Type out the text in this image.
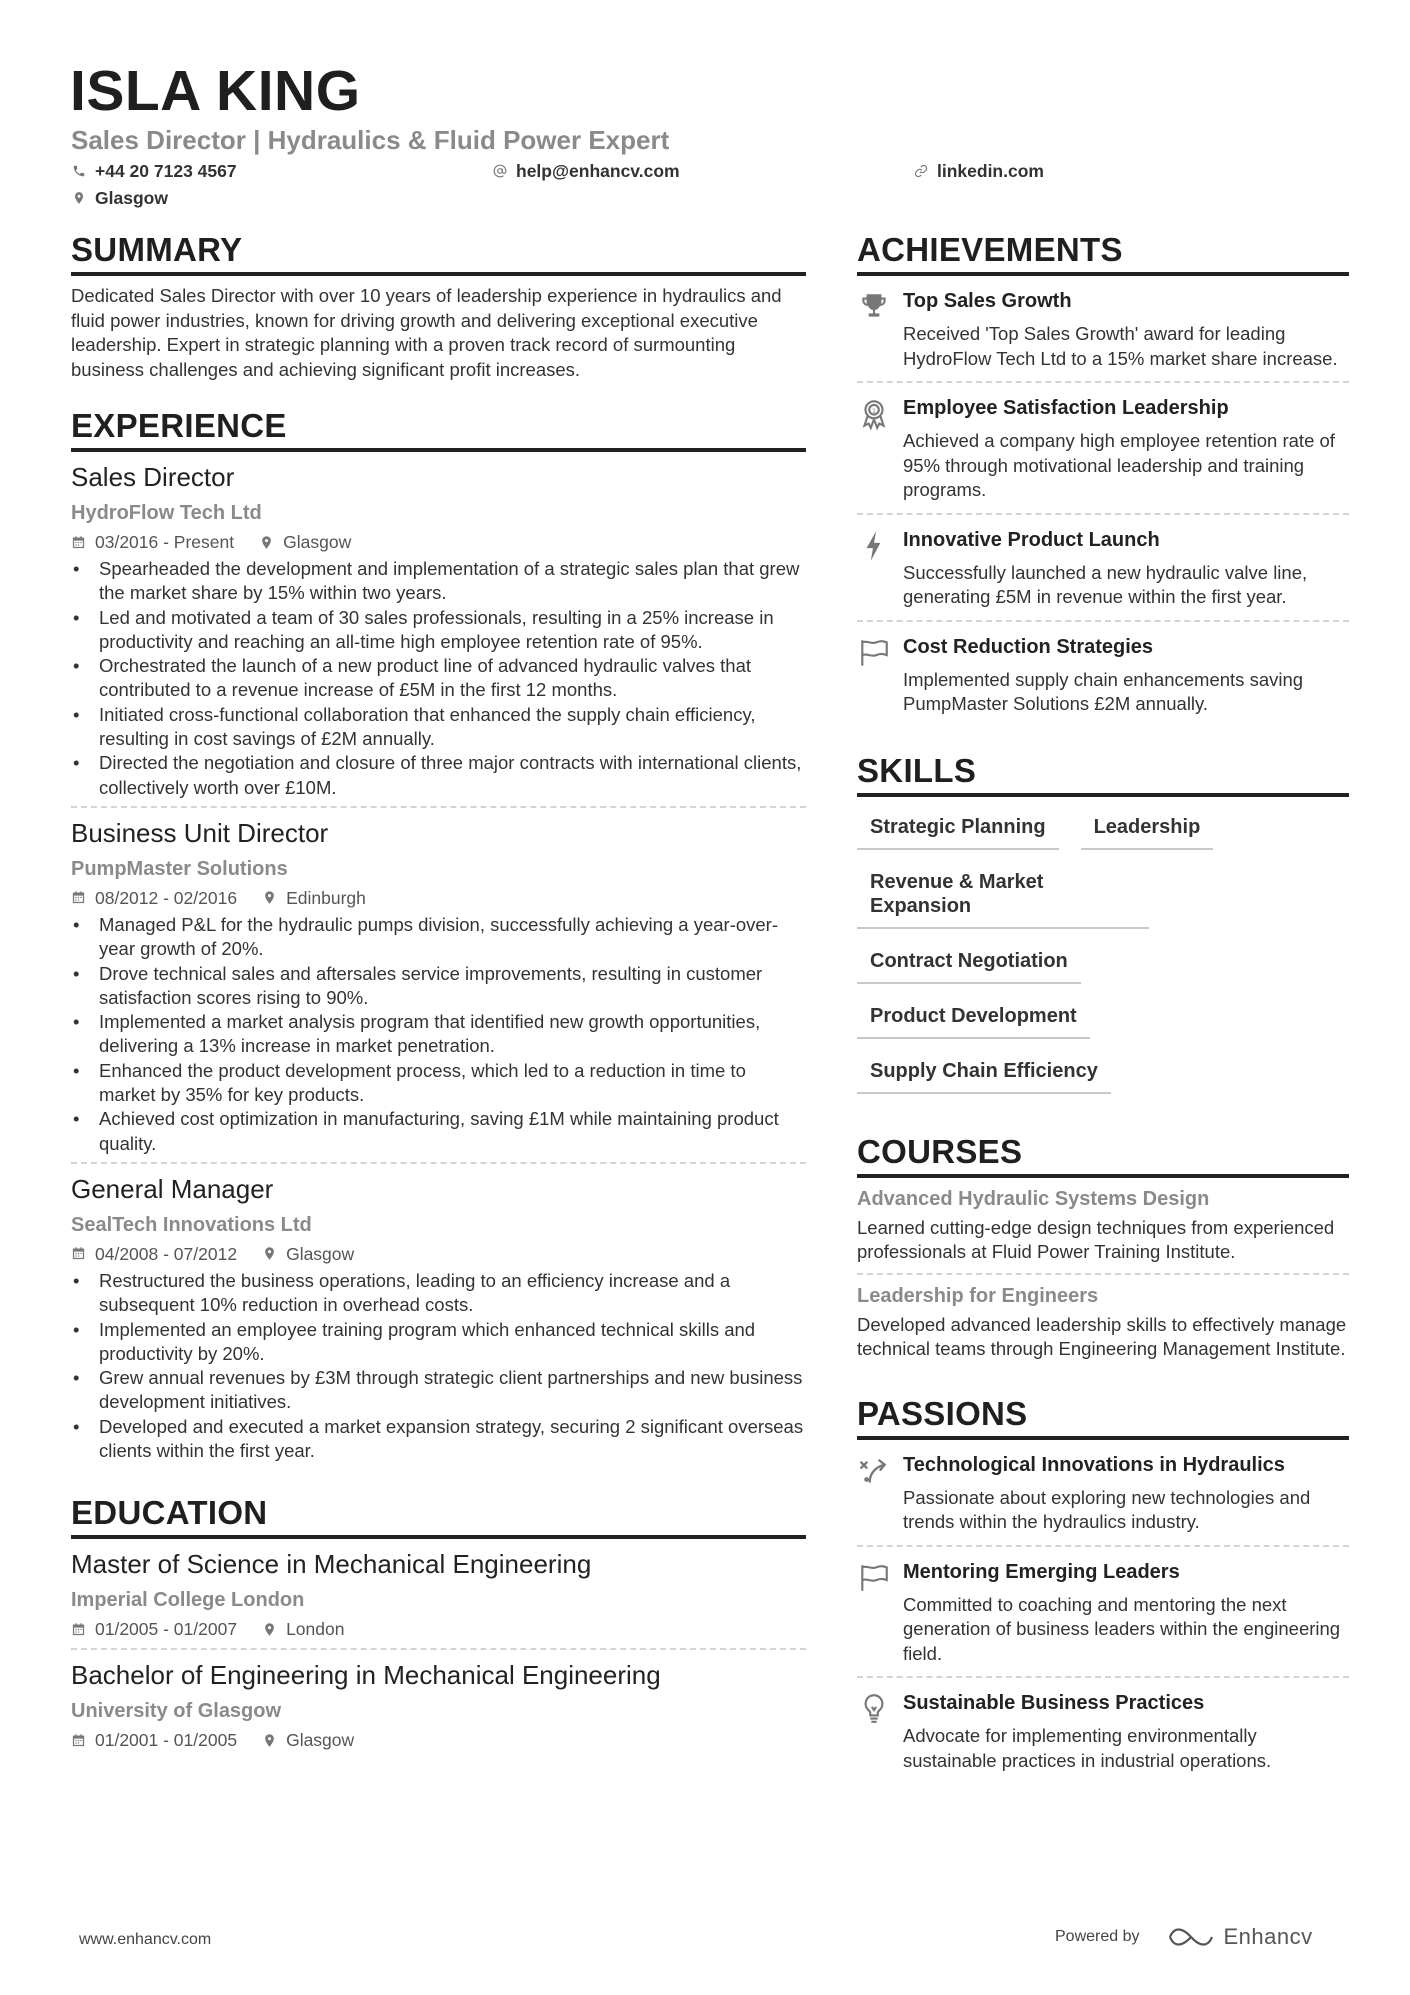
ISLA KING
Sales Director | Hydraulics & Fluid Power Expert
+44 20 7123 4567	help@enhancv.com	linkedin.com
Glasgow
SUMMARY

Dedicated Sales Director with over 10 years of leadership experience in hydraulics and fluid power industries, known for driving growth and delivering exceptional executive leadership. Expert in strategic planning with a proven track record of surmounting business challenges and achieving significant profit increases.

EXPERIENCE
Sales Director
HydroFlow Tech Ltd
03/2016 - Present	Glasgow
• Spearheaded the development and implementation of a strategic sales plan that grew the market share by 15% within two years.
• Led and motivated a team of 30 sales professionals, resulting in a 25% increase in productivity and reaching an all-time high employee retention rate of 95%.
• Orchestrated the launch of a new product line of advanced hydraulic valves that contributed to a revenue increase of £5M in the first 12 months.
• Initiated cross-functional collaboration that enhanced the supply chain efficiency, resulting in cost savings of £2M annually.
• Directed the negotiation and closure of three major contracts with international clients, collectively worth over £10M.
Business Unit Director
PumpMaster Solutions
08/2012 - 02/2016	Edinburgh
• Managed P&L for the hydraulic pumps division, successfully achieving a year-over-year growth of 20%.
• Drove technical sales and aftersales service improvements, resulting in customer satisfaction scores rising to 90%.
• Implemented a market analysis program that identified new growth opportunities, delivering a 13% increase in market penetration.
• Enhanced the product development process, which led to a reduction in time to market by 35% for key products.
• Achieved cost optimization in manufacturing, saving £1M while maintaining product quality.
General Manager
SealTech Innovations Ltd
04/2008 - 07/2012	Glasgow
• Restructured the business operations, leading to an efficiency increase and a subsequent 10% reduction in overhead costs.
• Implemented an employee training program which enhanced technical skills and productivity by 20%.
• Grew annual revenues by £3M through strategic client partnerships and new business development initiatives.
• Developed and executed a market expansion strategy, securing 2 significant overseas clients within the first year.
EDUCATION
Master of Science in Mechanical Engineering
Imperial College London
01/2005 - 01/2007	London
Bachelor of Engineering in Mechanical Engineering
University of Glasgow
01/2001 - 01/2005	Glasgow
ACHIEVEMENTS
Top Sales Growth
Received 'Top Sales Growth' award for leading HydroFlow Tech Ltd to a 15% market share increase.
1 Employee Satisfaction Leadership
Achieved a company high employee retention rate of 95% through motivational leadership and training programs.
Innovative Product Launch
Successfully launched a new hydraulic valve line, generating £5M in revenue within the first year.
Cost Reduction Strategies
Implemented supply chain enhancements saving PumpMaster Solutions £2M annually.
SKILLS
Strategic Planning	Leadership
Revenue & Market Expansion
Contract Negotiation
Product Development
Supply Chain Efficiency
COURSES
Advanced Hydraulic Systems Design
Learned cutting-edge design techniques from experienced professionals at Fluid Power Training Institute.
Leadership for Engineers
Developed advanced leadership skills to effectively manage technical teams through Engineering Management Institute.
PASSIONS
Technological Innovations in Hydraulics
Passionate about exploring new technologies and trends within the hydraulics industry.
Mentoring Emerging Leaders
Committed to coaching and mentoring the next generation of business leaders within the engineering field.
Sustainable Business Practices
Advocate for implementing environmentally sustainable practices in industrial operations.
www.enhancv.com	Powered by	Enhancv
